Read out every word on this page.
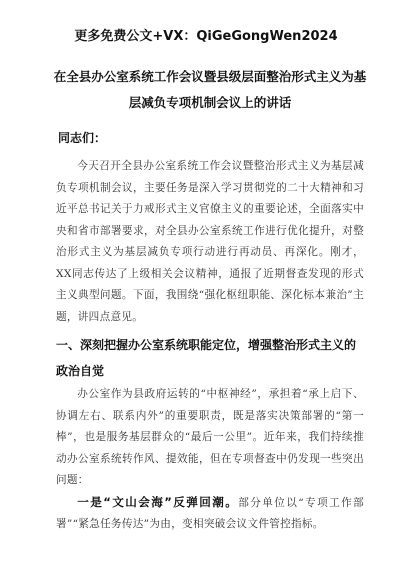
更多免费公文+VX：QiGeGongWen2024
在全县办公室系统工作会议暨县级层面整治形式主义为基层减负专项机制会议上的讲话
同志们：

今天召开全县办公室系统工作会议暨整治形式主义为基层减负专项机制会议，主要任务是深入学习贯彻党的二十大精神和习近平总书记关于力戒形式主义官僚主义的重要论述，全面落实中央和省市部署要求，对全县办公室系统工作进行优化提升，对整治形式主义为基层减负专项行动进行再动员、再深化。刚才，XX同志传达了上级相关会议精神，通报了近期督查发现的形式主义典型问题。下面，我围绕“强化枢纽职能、深化标本兼治”主题，讲四点意见。

一、深刻把握办公室系统职能定位，增强整治形式主义的政治自觉

办公室作为县政府运转的“中枢神经”，承担着“承上启下、协调左右、联系内外”的重要职责，既是落实决策部署的“第一棒”，也是服务基层群众的“最后一公里”。近年来，我们持续推动办公室系统转作风、提效能，但在专项督查中仍发现一些突出问题：

一是“文山会海”反弹回潮。部分单位以“专项工作部署”“紧急任务传达”为由，变相突破会议文件管控指标。
